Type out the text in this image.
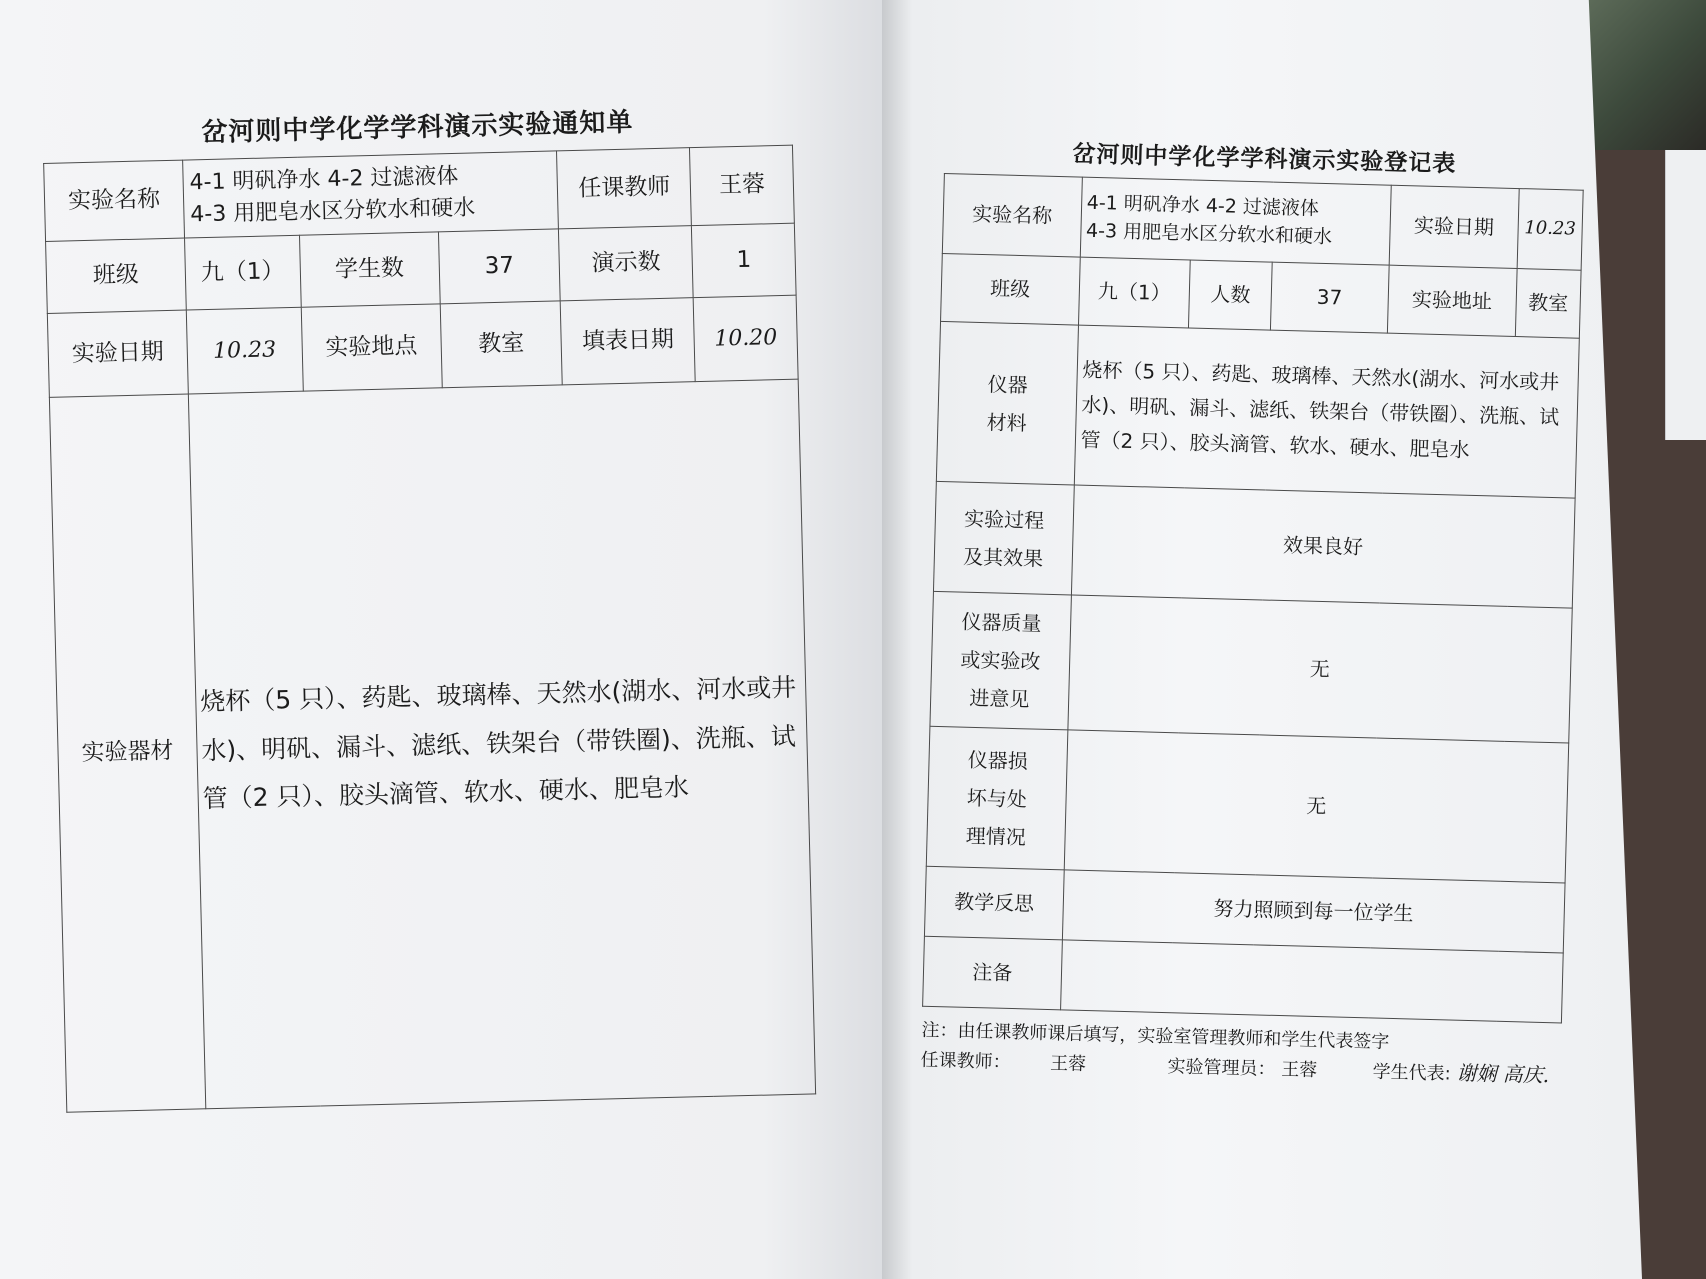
岔河则中学化学学科演示实验通知单
实验名称	4-1 明矾净水 4-2 过滤液体
4-3 用肥皂水区分软水和硬水			任课教师	王蓉
班级	九（1）	学生数	37	演示数	1
实验日期	10.23	实验地点	教室	填表日期	10.20
实验器材	烧杯（5 只）、药匙、玻璃棒、天然水(湖水、河水或井水)、明矾、漏斗、滤纸、铁架台（带铁圈)、洗瓶、试管（2 只）、胶头滴管、软水、硬水、肥皂水				
岔河则中学化学学科演示实验登记表
实验名称	4-1 明矾净水 4-2 过滤液体
4-3 用肥皂水区分软水和硬水			实验日期	10.23
班级	九（1）	人数	37	实验地址	教室

仪器
材料	烧杯（5 只）、药匙、玻璃棒、天然水(湖水、河水或井水)、明矾、漏斗、滤纸、铁架台（带铁圈）、洗瓶、试管（2 只）、胶头滴管、软水、硬水、肥皂水				

实验过程
及其效果	效果良好				

仪器质量
或实验改
进意见	无				

仪器损
坏与处
理情况	无				
教学反思	努力照顾到每一位学生				
注备					
注：由任课教师课后填写，实验室管理教师和学生代表签字
任课教师： 王蓉	实验管理员： 王蓉	学生代表: 谢娴 高庆.
